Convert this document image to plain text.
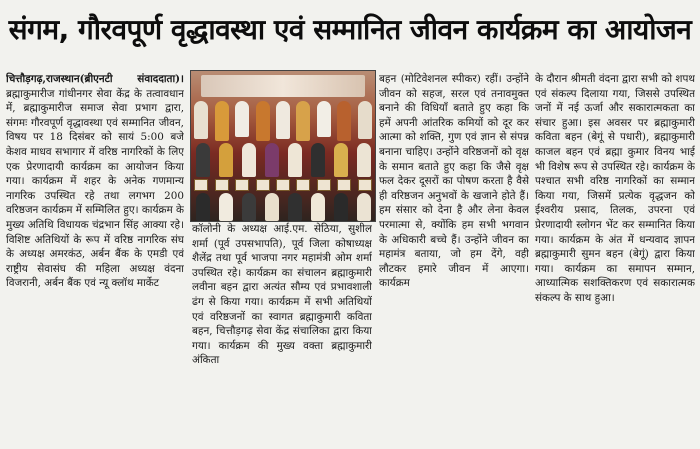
संगम, गौरवपूर्ण वृद्धावस्था एवं सम्मानित जीवन कार्यक्रम का आयोजन
चित्तौड़गढ़,राजस्थान(ब्रीएनटी संवाददाता)। ब्रह्माकुमारीज गांधीनगर सेवा केंद्र के तत्वावधान में, ब्रह्माकुमारीज समाज सेवा प्रभाग द्वारा, संगमः गौरवपूर्ण वृद्धावस्था एवं सम्मानित जीवन, विषय पर 18 दिसंबर को सायं 5:00 बजे केशव माधव सभागार में वरिष्ठ नागरिकों के लिए एक प्रेरणादायी कार्यक्रम का आयोजन किया गया। कार्यक्रम में शहर के अनेक गणमान्य नागरिक उपस्थित रहे तथा लगभग 200 वरिष्ठजन कार्यक्रम में सम्मिलित हुए। कार्यक्रम के मुख्य अतिथि विधायक चंद्रभान सिंह आक्या रहे। विशिष्ट अतिथियों के रूप में वरिष्ठ नागरिक संघ के अध्यक्ष अमरकंठ, अर्बन बैंक के एमडी एवं राष्ट्रीय सेवासंघ की महिला अध्यक्ष वंदना विजरानी, अर्बन बैंक एवं न्यू क्लॉथ मार्केट
कॉलोनी के अध्यक्ष आई.एम. सेठिया, सुशील शर्मा (पूर्व उपसभापति), पूर्व जिला कोषाध्यक्ष शैलेंद्र तथा पूर्व भाजपा नगर महामंत्री ओम शर्मा उपस्थित रहे। कार्यक्रम का संचालन ब्रह्माकुमारी लवीना बहन द्वारा अत्यंत सौम्य एवं प्रभावशाली ढंग से किया गया। कार्यक्रम में सभी अतिथियों एवं वरिष्ठजनों का स्वागत ब्रह्माकुमारी कविता बहन, चित्तौड़गढ़ सेवा केंद्र संचालिका द्वारा किया गया। कार्यक्रम की मुख्य वक्ता ब्रह्माकुमारी अंकिता
बहन (मोटिवेशनल स्पीकर) रहीं। उन्होंने जीवन को सहज, सरल एवं तनावमुक्त बनाने की विधियाँ बताते हुए कहा कि हमें अपनी आंतरिक कमियों को दूर कर आत्मा को शक्ति, गुण एवं ज्ञान से संपन्न बनाना चाहिए। उन्होंने वरिष्ठजनों को वृक्ष के समान बताते हुए कहा कि जैसे वृक्ष फल देकर दूसरों का पोषण करता है वैसे ही वरिष्ठजन अनुभवों के खजाने होते हैं। हम संसार को देना है और लेना केवल परमात्मा से, क्योंकि हम सभी भगवान के अधिकारी बच्चे हैं। उन्होंने जीवन का महामंत्र बताया, जो हम देंगे, वही लौटकर हमारे जीवन में आएगा। कार्यक्रम
के दौरान श्रीमती वंदना द्वारा सभी को शपथ एवं संकल्प दिलाया गया, जिससे उपस्थित जनों में नई ऊर्जा और सकारात्मकता का संचार हुआ। इस अवसर पर ब्रह्माकुमारी कविता बहन (बेगूं से पधारी), ब्रह्माकुमारी काजल बहन एवं ब्रह्मा कुमार विनय भाई भी विशेष रूप से उपस्थित रहे। कार्यक्रम के पश्चात सभी वरिष्ठ नागरिकों का सम्मान किया गया, जिसमें प्रत्येक वृद्धजन को ईश्वरीय प्रसाद, तिलक, उपरना एवं प्रेरणादायी स्लोगन भेंट कर सम्मानित किया गया। कार्यक्रम के अंत में धन्यवाद ज्ञापन ब्रह्माकुमारी सुमन बहन (बेगूं) द्वारा किया गया। कार्यक्रम का समापन सम्मान, आध्यात्मिक सशक्तिकरण एवं सकारात्मक संकल्प के साथ हुआ।
